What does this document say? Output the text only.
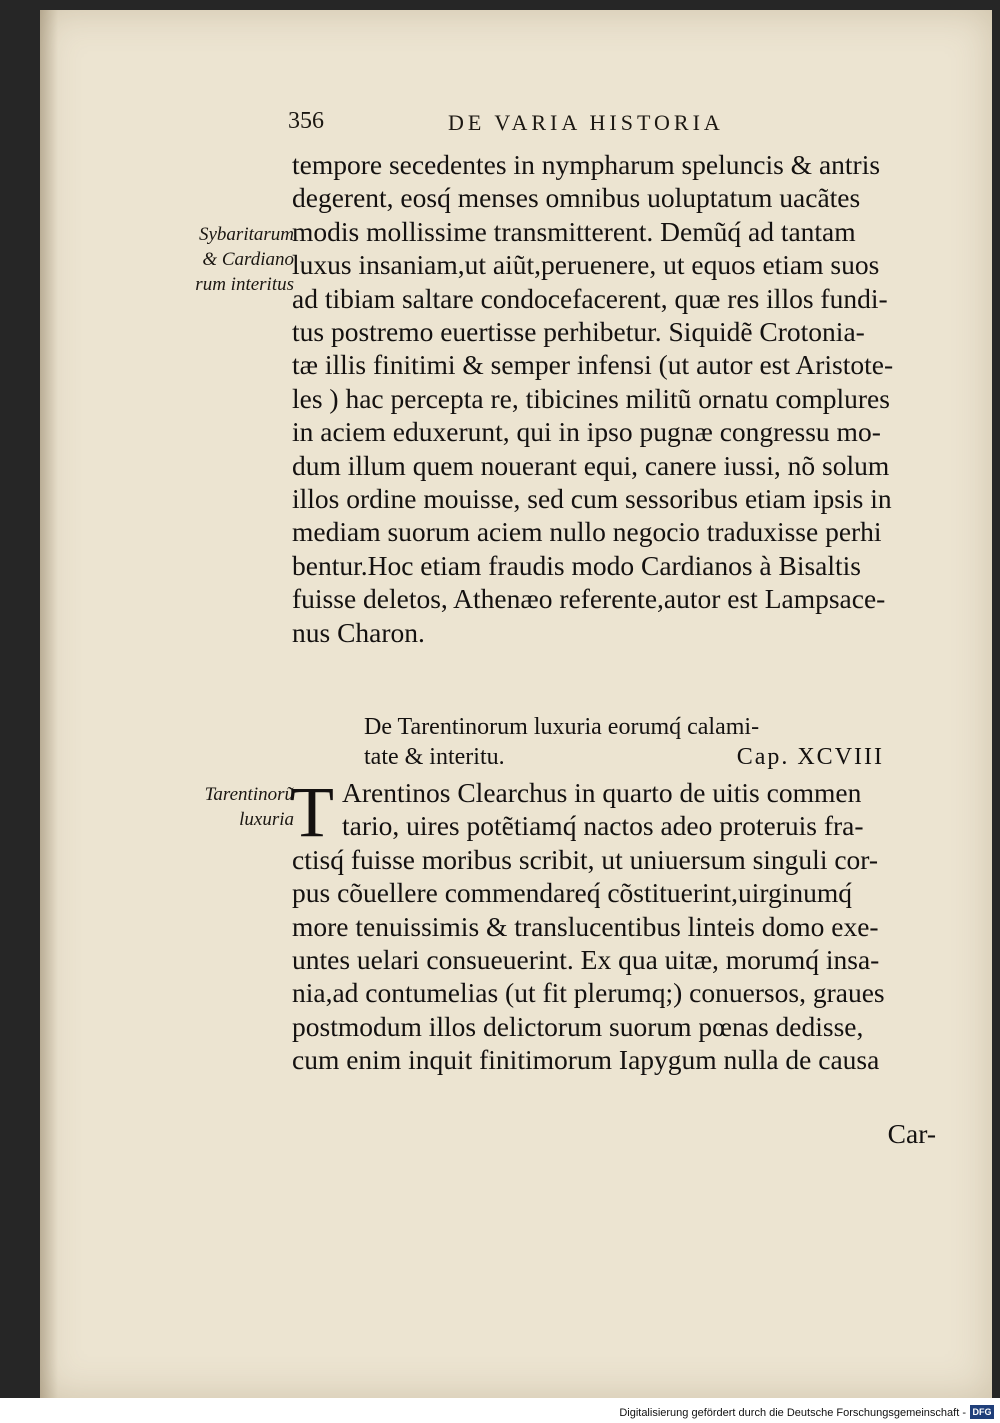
356	DE VARIA HISTORIA
Sybaritarum
& Cardiano
rum interitus
Tarentinorũ
luxuria
tempore secedentes in nympharum speluncis & antris
degerent, eosq́ menses omnibus uoluptatum uacãtes
modis mollissime transmitterent. Demũq́ ad tantam
luxus insaniam,ut aiũt,peruenere, ut equos etiam suos
ad tibiam saltare condocefacerent, quæ res illos fundi-
tus postremo euertisse perhibetur. Siquidẽ Crotonia-
tæ illis finitimi & semper infensi (ut autor est Aristote-
les ) hac percepta re, tibicines militũ ornatu complures
in aciem eduxerunt, qui in ipso pugnæ congressu mo-
dum illum quem nouerant equi, canere iussi, nõ solum
illos ordine mouisse, sed cum sessoribus etiam ipsis in
mediam suorum aciem nullo negocio traduxisse perhi
bentur.Hoc etiam fraudis modo Cardianos à Bisaltis
fuisse deletos, Athenæo referente,autor est Lampsace-
nus Charon.
De Tarentinorum luxuria eorumq́ calami-
tate & interitu.	Cap. XCVIII
T Arentinos Clearchus in quarto de uitis commen
tario, uires potẽtiamq́ nactos adeo proteruis fra-
ctisq́ fuisse moribus scribit, ut uniuersum singuli cor-
pus cõuellere commendareq́ cõstituerint,uirginumq́
more tenuissimis & translucentibus linteis domo exe-
untes uelari consueuerint. Ex qua uitæ, morumq́ insa-
nia,ad contumelias (ut fit plerumq;) conuersos, graues
postmodum illos delictorum suorum pœnas dedisse,
cum enim inquit finitimorum Iapygum nulla de causa
Car-
Digitalisierung gefördert durch die Deutsche Forschungsgemeinschaft - DFG
